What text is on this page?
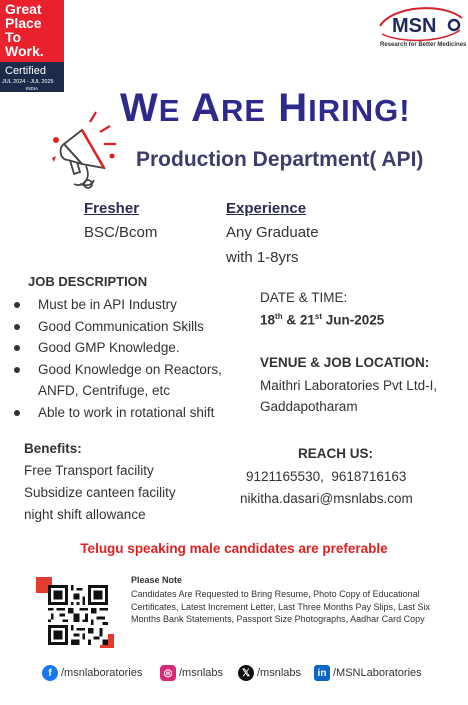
Great
Place
To
Work.
Certified
JUL 2024 - JUL 2025
INDIA
MSN
Research for Better Medicines
WE ARE HIRING!
Production Department( API)
Fresher
BSC/Bcom
Experience
Any Graduate
with 1-8yrs
JOB DESCRIPTION
Must be in API Industry
Good Communication Skills
Good GMP Knowledge.
Good Knowledge on Reactors,
ANFD, Centrifuge, etc
Able to work in rotational shift
DATE & TIME:
18th & 21st Jun-2025
VENUE & JOB LOCATION:
Maithri Laboratories Pvt Ltd-I,
Gaddapotharam
Benefits:
Free Transport facility
Subsidize canteen facility
night shift allowance
REACH US:
9121165530,  9618716163
nikitha.dasari@msnlabs.com
Telugu speaking male candidates are preferable
Please Note
Candidates Are Requested to Bring Resume, Photo Copy of Educational Certificates, Latest Increment Letter, Last Three Months Pay Slips, Last Six Months Bank Statements, Passport Size Photographs, Aadhar Card Copy
f /msnlaboratories	◎ /msnlabs	𝕏 /msnlabs	in /MSNLaboratories
